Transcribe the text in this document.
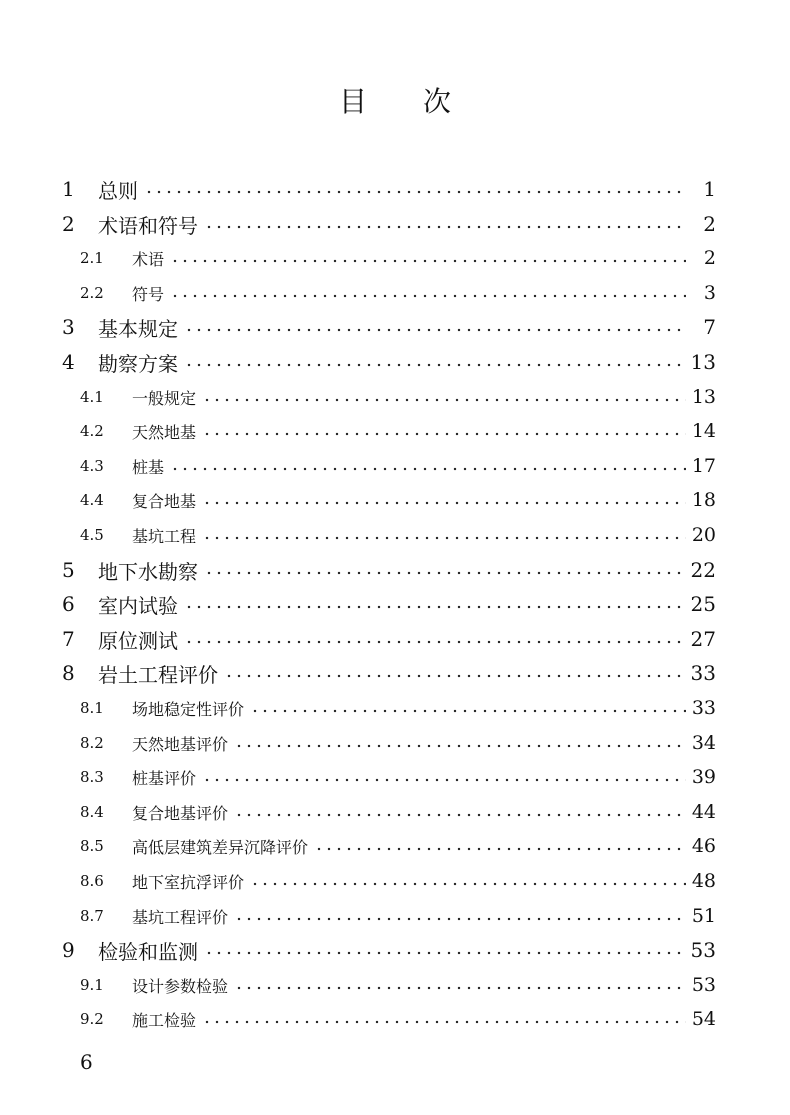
目 次
1	总则	1
2	术语和符号	2
2.1	术语	2
2.2	符号	3
3	基本规定	7
4	勘察方案	13
4.1	一般规定	13
4.2	天然地基	14
4.3	桩基	17
4.4	复合地基	18
4.5	基坑工程	20
5	地下水勘察	22
6	室内试验	25
7	原位测试	27
8	岩土工程评价	33
8.1	场地稳定性评价	33
8.2	天然地基评价	34
8.3	桩基评价	39
8.4	复合地基评价	44
8.5	高低层建筑差异沉降评价	46
8.6	地下室抗浮评价	48
8.7	基坑工程评价	51
9	检验和监测	53
9.1	设计参数检验	53
9.2	施工检验	54
6
